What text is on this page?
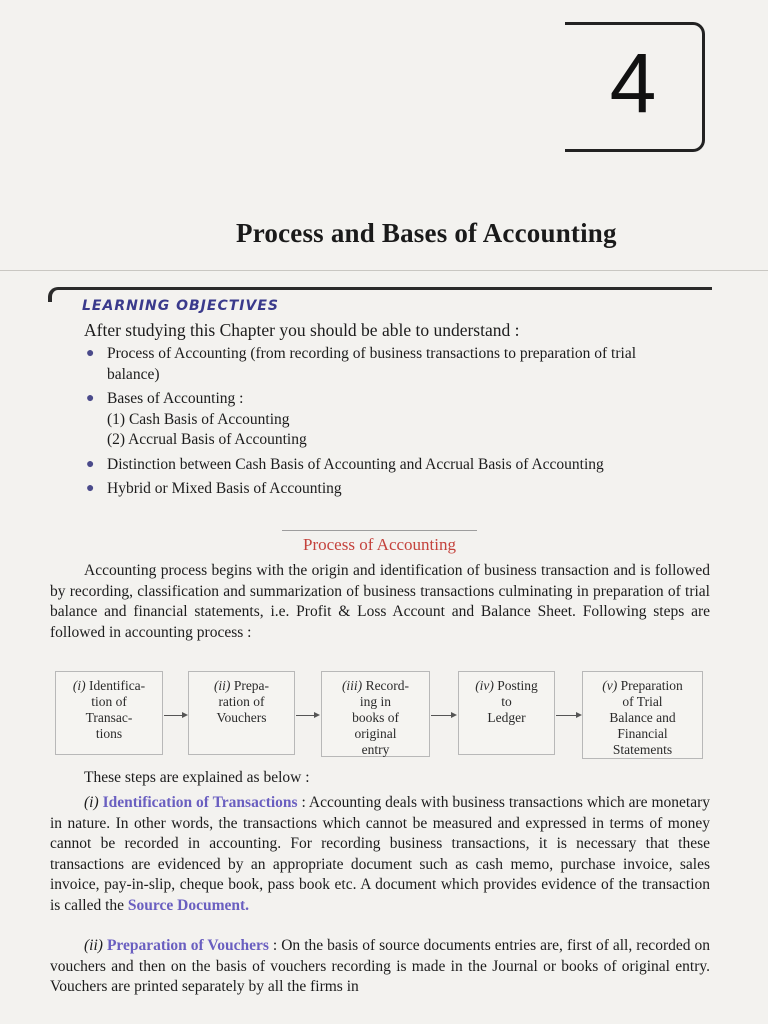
4
Process and Bases of Accounting
LEARNING OBJECTIVES
After studying this Chapter you should be able to understand :
● Process of Accounting (from recording of business transactions to preparation of trial balance)
● Bases of Accounting :
(1) Cash Basis of Accounting
(2) Accrual Basis of Accounting
● Distinction between Cash Basis of Accounting and Accrual Basis of Accounting
● Hybrid or Mixed Basis of Accounting
Process of Accounting

Accounting process begins with the origin and identification of business transaction and is followed by recording, classification and summarization of business transactions culminating in preparation of trial balance and financial statements, i.e. Profit & Loss Account and Balance Sheet. Following steps are followed in accounting process :

(i) Identifica-
tion of
Transac-
tions
(ii) Prepa-
ration of
Vouchers
(iii) Record-
ing in
books of
original
entry
(iv) Posting
to
Ledger
(v) Preparation
of Trial
Balance and
Financial
Statements

These steps are explained as below :

(i) Identification of Transactions : Accounting deals with business transactions which are monetary in nature. In other words, the transactions which cannot be measured and expressed in terms of money cannot be recorded in accounting. For recording business transactions, it is necessary that these transactions are evidenced by an appropriate document such as cash memo, purchase invoice, sales invoice, pay-in-slip, cheque book, pass book etc. A document which provides evidence of the transaction is called the Source Document.

(ii) Preparation of Vouchers : On the basis of source documents entries are, first of all, recorded on vouchers and then on the basis of vouchers recording is made in the Journal or books of original entry. Vouchers are printed separately by all the firms in
